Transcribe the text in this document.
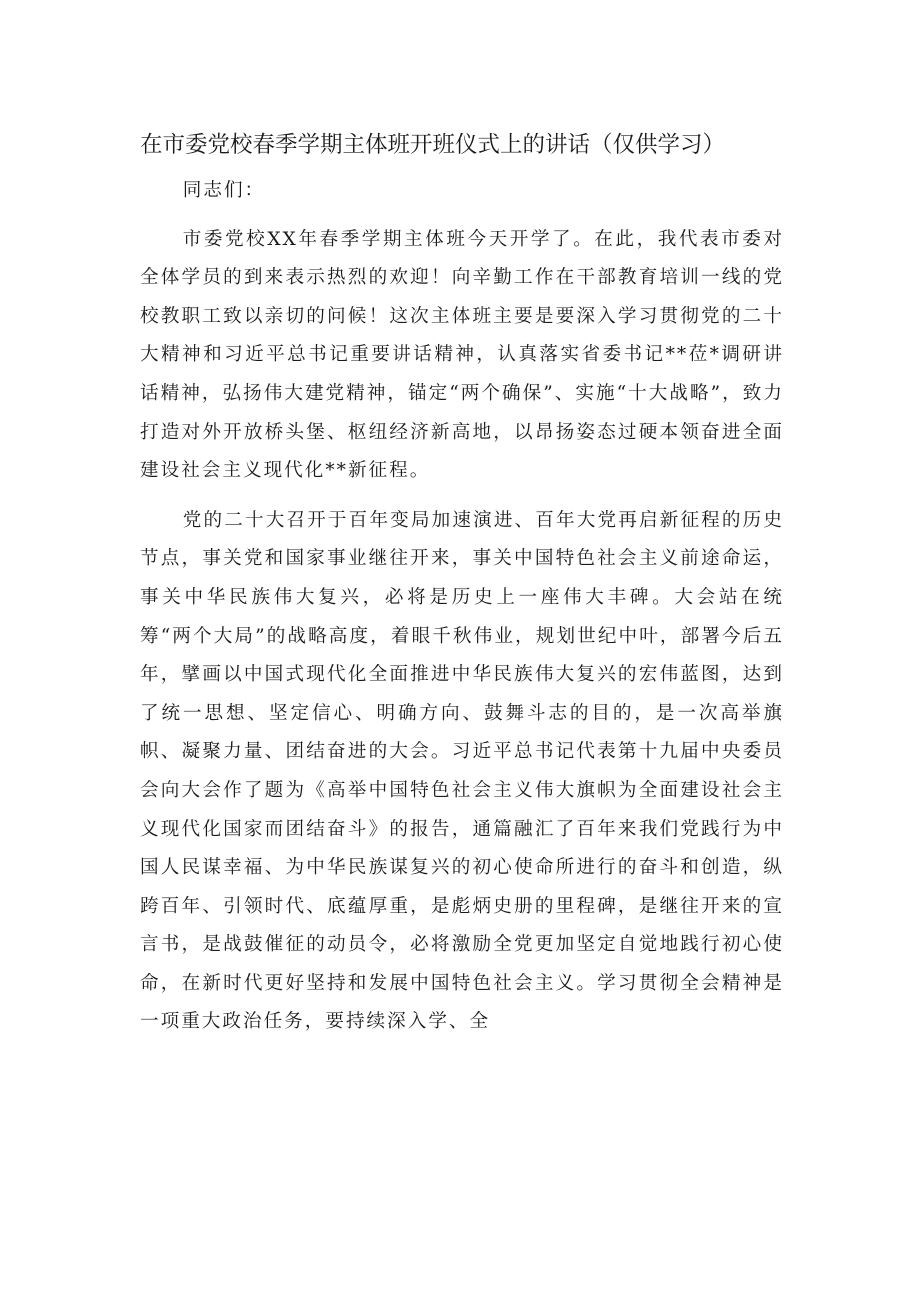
在市委党校春季学期主体班开班仪式上的讲话（仅供学习）

同志们：

市委党校XX年春季学期主体班今天开学了。在此，我代表市委对全体学员的到来表示热烈的欢迎！向辛勤工作在干部教育培训一线的党校教职工致以亲切的问候！这次主体班主要是要深入学习贯彻党的二十大精神和习近平总书记重要讲话精神，认真落实省委书记**莅*调研讲话精神，弘扬伟大建党精神，锚定“两个确保”、实施“十大战略”，致力打造对外开放桥头堡、枢纽经济新高地，以昂扬姿态过硬本领奋进全面建设社会主义现代化**新征程。

党的二十大召开于百年变局加速演进、百年大党再启新征程的历史节点，事关党和国家事业继往开来，事关中国特色社会主义前途命运，事关中华民族伟大复兴，必将是历史上一座伟大丰碑。大会站在统筹“两个大局”的战略高度，着眼千秋伟业，规划世纪中叶，部署今后五年，擘画以中国式现代化全面推进中华民族伟大复兴的宏伟蓝图，达到了统一思想、坚定信心、明确方向、鼓舞斗志的目的，是一次高举旗帜、凝聚力量、团结奋进的大会。习近平总书记代表第十九届中央委员会向大会作了题为《高举中国特色社会主义伟大旗帜为全面建设社会主义现代化国家而团结奋斗》的报告，通篇融汇了百年来我们党践行为中国人民谋幸福、为中华民族谋复兴的初心使命所进行的奋斗和创造，纵跨百年、引领时代、底蕴厚重，是彪炳史册的里程碑，是继往开来的宣言书，是战鼓催征的动员令，必将激励全党更加坚定自觉地践行初心使命，在新时代更好坚持和发展中国特色社会主义。学习贯彻全会精神是一项重大政治任务，要持续深入学、全
